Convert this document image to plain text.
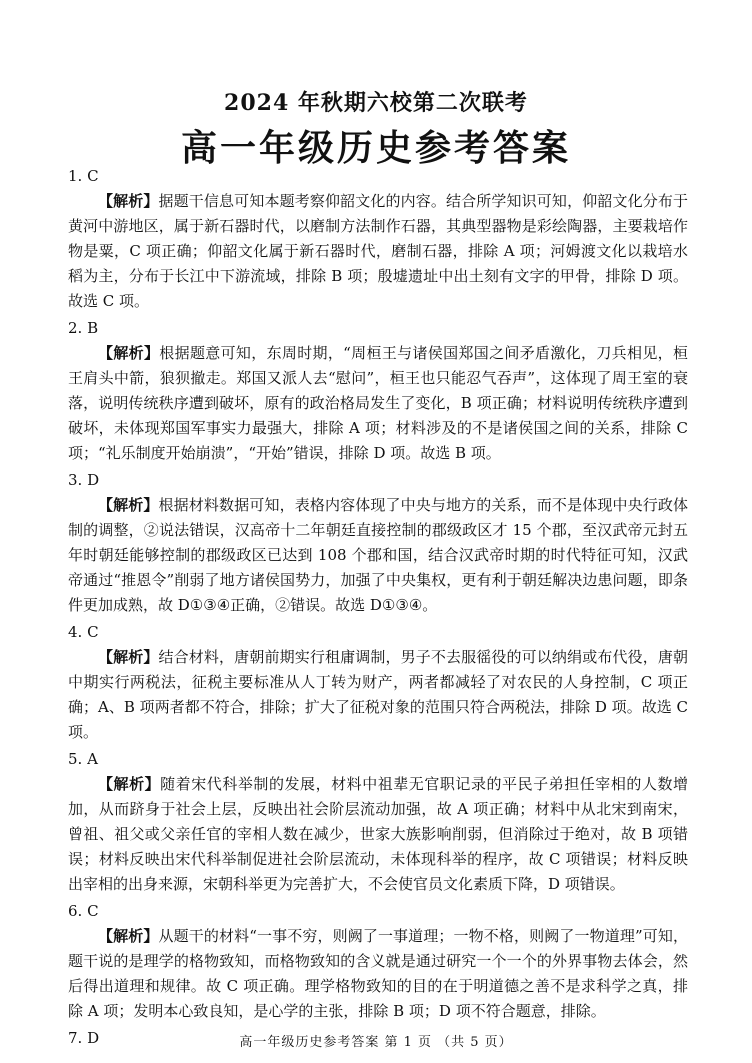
2024 年秋期六校第二次联考
高一年级历史参考答案
1. C

【解析】据题干信息可知本题考察仰韶文化的内容。结合所学知识可知，仰韶文化分布于黄河中游地区，属于新石器时代，以磨制方法制作石器，其典型器物是彩绘陶器，主要栽培作物是粟，C 项正确；仰韶文化属于新石器时代，磨制石器，排除 A 项；河姆渡文化以栽培水稻为主，分布于长江中下游流域，排除 B 项；殷墟遗址中出土刻有文字的甲骨，排除 D 项。故选 C 项。

2. B

【解析】根据题意可知，东周时期，“周桓王与诸侯国郑国之间矛盾激化，刀兵相见，桓王肩头中箭，狼狈撤走。郑国又派人去“慰问”，桓王也只能忍气吞声”，这体现了周王室的衰落，说明传统秩序遭到破坏，原有的政治格局发生了变化，B 项正确；材料说明传统秩序遭到破坏，未体现郑国军事实力最强大，排除 A 项；材料涉及的不是诸侯国之间的关系，排除 C 项；“礼乐制度开始崩溃”，“开始”错误，排除 D 项。故选 B 项。

3. D

【解析】根据材料数据可知，表格内容体现了中央与地方的关系，而不是体现中央行政体制的调整，②说法错误，汉高帝十二年朝廷直接控制的郡级政区才 15 个郡，至汉武帝元封五年时朝廷能够控制的郡级政区已达到 108 个郡和国，结合汉武帝时期的时代特征可知，汉武帝通过“推恩令”削弱了地方诸侯国势力，加强了中央集权，更有利于朝廷解决边患问题，即条件更加成熟，故 D①③④正确，②错误。故选 D①③④。

4. C

【解析】结合材料，唐朝前期实行租庸调制，男子不去服徭役的可以纳绢或布代役，唐朝中期实行两税法，征税主要标准从人丁转为财产，两者都减轻了对农民的人身控制，C 项正确；A、B 项两者都不符合，排除；扩大了征税对象的范围只符合两税法，排除 D 项。故选 C 项。

5. A

【解析】随着宋代科举制的发展，材料中祖辈无官职记录的平民子弟担任宰相的人数增加，从而跻身于社会上层，反映出社会阶层流动加强，故 A 项正确；材料中从北宋到南宋，曾祖、祖父或父亲任官的宰相人数在减少，世家大族影响削弱，但消除过于绝对，故 B 项错误；材料反映出宋代科举制促进社会阶层流动，未体现科举的程序，故 C 项错误；材料反映出宰相的出身来源，宋朝科举更为完善扩大，不会使官员文化素质下降，D 项错误。

6. C

【解析】从题干的材料“一事不穷，则阙了一事道理；一物不格，则阙了一物道理”可知，题干说的是理学的格物致知，而格物致知的含义就是通过研究一个一个的外界事物去体会，然后得出道理和规律。故 C 项正确。理学格物致知的目的在于明道德之善不是求科学之真，排除 A 项；发明本心致良知，是心学的主张，排除 B 项；D 项不符合题意，排除。

7. D	高一年级历史参考答案 第 1 页 （共 5 页）
